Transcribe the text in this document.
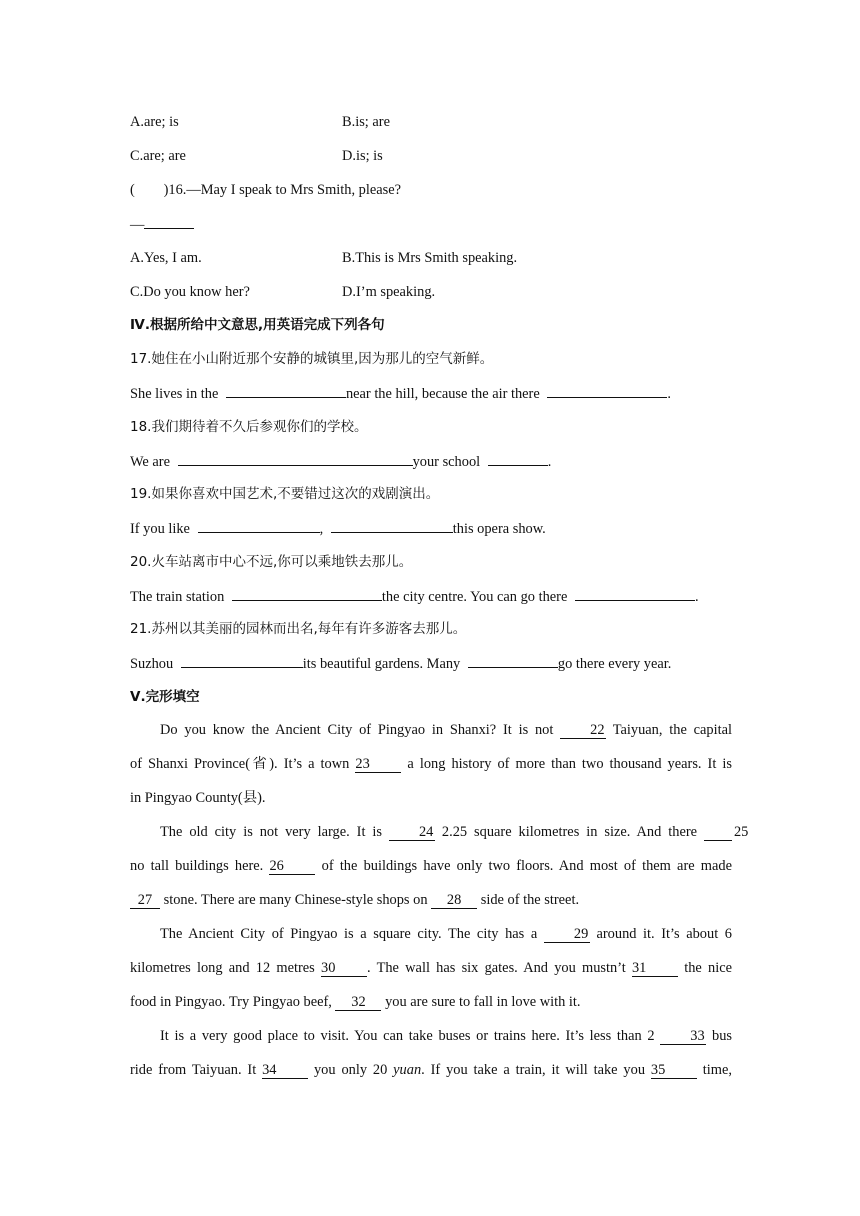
A.are; is	B.is; are
C.are; are	D.is; is
(        )16.—May I speak to Mrs Smith, please?
—
A.Yes, I am.	B.This is Mrs Smith speaking.
C.Do you know her?	D.I’m speaking.
Ⅳ.根据所给中文意思,用英语完成下列各句
17.她住在小山附近那个安静的城镇里,因为那儿的空气新鲜。
She lives in the	near the hill, because the air there	.
18.我们期待着不久后参观你们的学校。
We are	your school	.
19.如果你喜欢中国艺术,不要错过这次的戏剧演出。
If you like	,	this opera show.
20.火车站离市中心不远,你可以乘地铁去那儿。
The train station	the city centre. You can go there	.
21.苏州以其美丽的园林而出名,每年有许多游客去那儿。
Suzhou	its beautiful gardens. Many	go there every year.
Ⅴ.完形填空

Do you know the Ancient City of Pingyao in Shanxi? It is not	22 Taiyuan, the capital

of Shanxi Province(省). It’s a town 23	a long history of more than two thousand years. It is

in Pingyao County(县).

The old city is not very large. It is	24 2.25 square kilometres in size. And there	25

no tall buildings here. 26	of the buildings have only two floors. And most of them are made

27 stone. There are many Chinese-style shops on 28 side of the street.

The Ancient City of Pingyao is a square city. The city has a	29 around it. It’s about 6

kilometres long and 12 metres 30 . The wall has six gates. And you mustn’t 31	the nice

food in Pingyao. Try Pingyao beef, 32 you are sure to fall in love with it.

It is a very good place to visit. You can take buses or trains here. It’s less than 2 33 bus

ride from Taiyuan. It 34	you only 20 yuan. If you take a train, it will take you 35	time,
